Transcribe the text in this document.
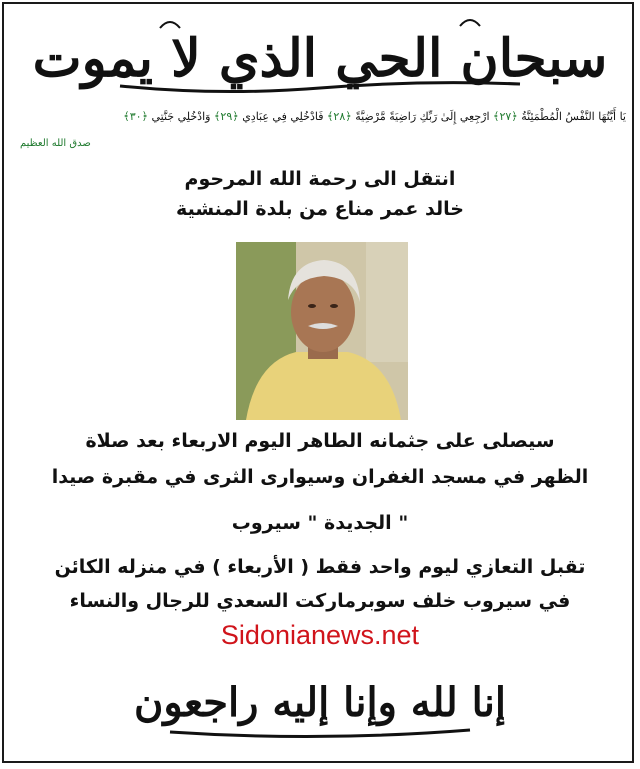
سبحان الحي الذي لا يموت
يَا أَيَّتُهَا النَّفْسُ الْمُطْمَئِنَّةُ ﴿٢٧﴾ ارْجِعِي إِلَىٰ رَبِّكِ رَاضِيَةً مَّرْضِيَّةً ﴿٢٨﴾ فَادْخُلِي فِي عِبَادِي ﴿٢٩﴾ وَادْخُلِي جَنَّتِي ﴿٣٠﴾
صدق الله العظيم
انتقل الى رحمة الله المرحوم
خالد عمر مناع من بلدة المنشية
سيصلى على جثمانه الطاهر اليوم الاربعاء بعد صلاة
الظهر في مسجد الغفران وسيوارى الثرى في مقبرة صيدا
" الجديدة " سيروب
تقبل التعازي ليوم واحد فقط ( الأربعاء ) في منزله الكائن
في سيروب خلف سوبرماركت السعدي للرجال والنساء
Sidonianews.net
إنا لله وإنا إليه راجعون
